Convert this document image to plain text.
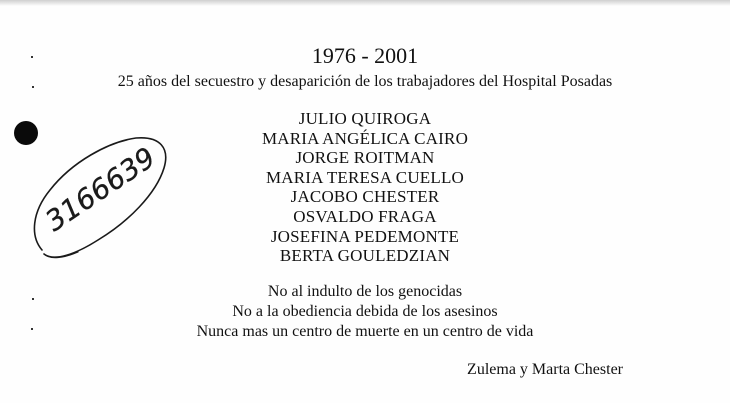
3166639
1976 - 2001
25 años del secuestro y desaparición de los trabajadores del Hospital Posadas
JULIO QUIROGA
MARIA ANGÉLICA CAIRO
JORGE ROITMAN
MARIA TERESA CUELLO
JACOBO CHESTER
OSVALDO FRAGA
JOSEFINA PEDEMONTE
BERTA GOULEDZIAN
No al indulto de los genocidas
No a la obediencia debida de los asesinos
Nunca mas un centro de muerte en un centro de vida
Zulema y Marta Chester
